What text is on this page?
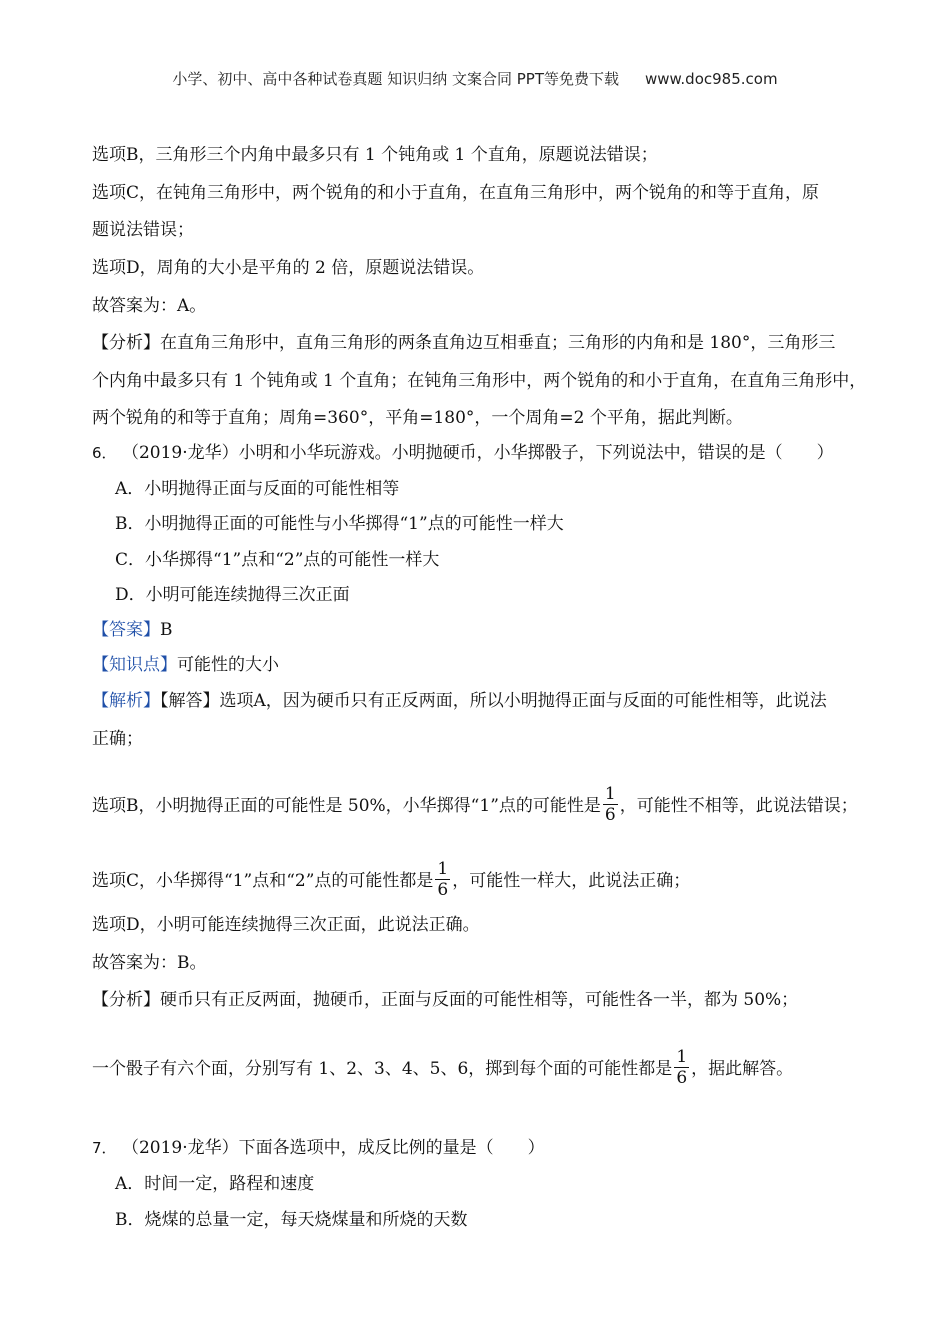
小学、初中、高中各种试卷真题 知识归纳 文案合同 PPT等免费下载 www.doc985.com
选项B，三角形三个内角中最多只有 1 个钝角或 1 个直角，原题说法错误；
选项C，在钝角三角形中，两个锐角的和小于直角，在直角三角形中，两个锐角的和等于直角，原
题说法错误；
选项D，周角的大小是平角的 2 倍，原题说法错误。
故答案为：A。
【分析】在直角三角形中，直角三角形的两条直角边互相垂直；三角形的内角和是 180°，三角形三
个内角中最多只有 1 个钝角或 1 个直角；在钝角三角形中，两个锐角的和小于直角，在直角三角形中，
两个锐角的和等于直角；周角=360°，平角=180°，一个周角=2 个平角，据此判断。
6． （2019·龙华）小明和小华玩游戏。小明抛硬币，小华掷骰子，下列说法中，错误的是（　　）
A．小明抛得正面与反面的可能性相等
B．小明抛得正面的可能性与小华掷得“1”点的可能性一样大
C．小华掷得“1”点和“2”点的可能性一样大
D．小明可能连续抛得三次正面
【答案】B
【知识点】可能性的大小
【解析】【解答】选项A，因为硬币只有正反两面，所以小明抛得正面与反面的可能性相等，此说法
正确；
选项B，小明抛得正面的可能性是 50%，小华掷得“1”点的可能性是 $\frac{1}{6}$ ，可能性不相等，此说法错误；
选项C，小华掷得“1”点和“2”点的可能性都是 $\frac{1}{6}$ ，可能性一样大，此说法正确；
选项D，小明可能连续抛得三次正面，此说法正确。
故答案为：B。
【分析】硬币只有正反两面，抛硬币，正面与反面的可能性相等，可能性各一半，都为 50%；
一个骰子有六个面，分别写有 1、2、3、4、5、6，掷到每个面的可能性都是 $\frac{1}{6}$ ，据此解答。
7． （2019·龙华）下面各选项中，成反比例的量是（　　）
A．时间一定，路程和速度
B．烧煤的总量一定，每天烧煤量和所烧的天数
